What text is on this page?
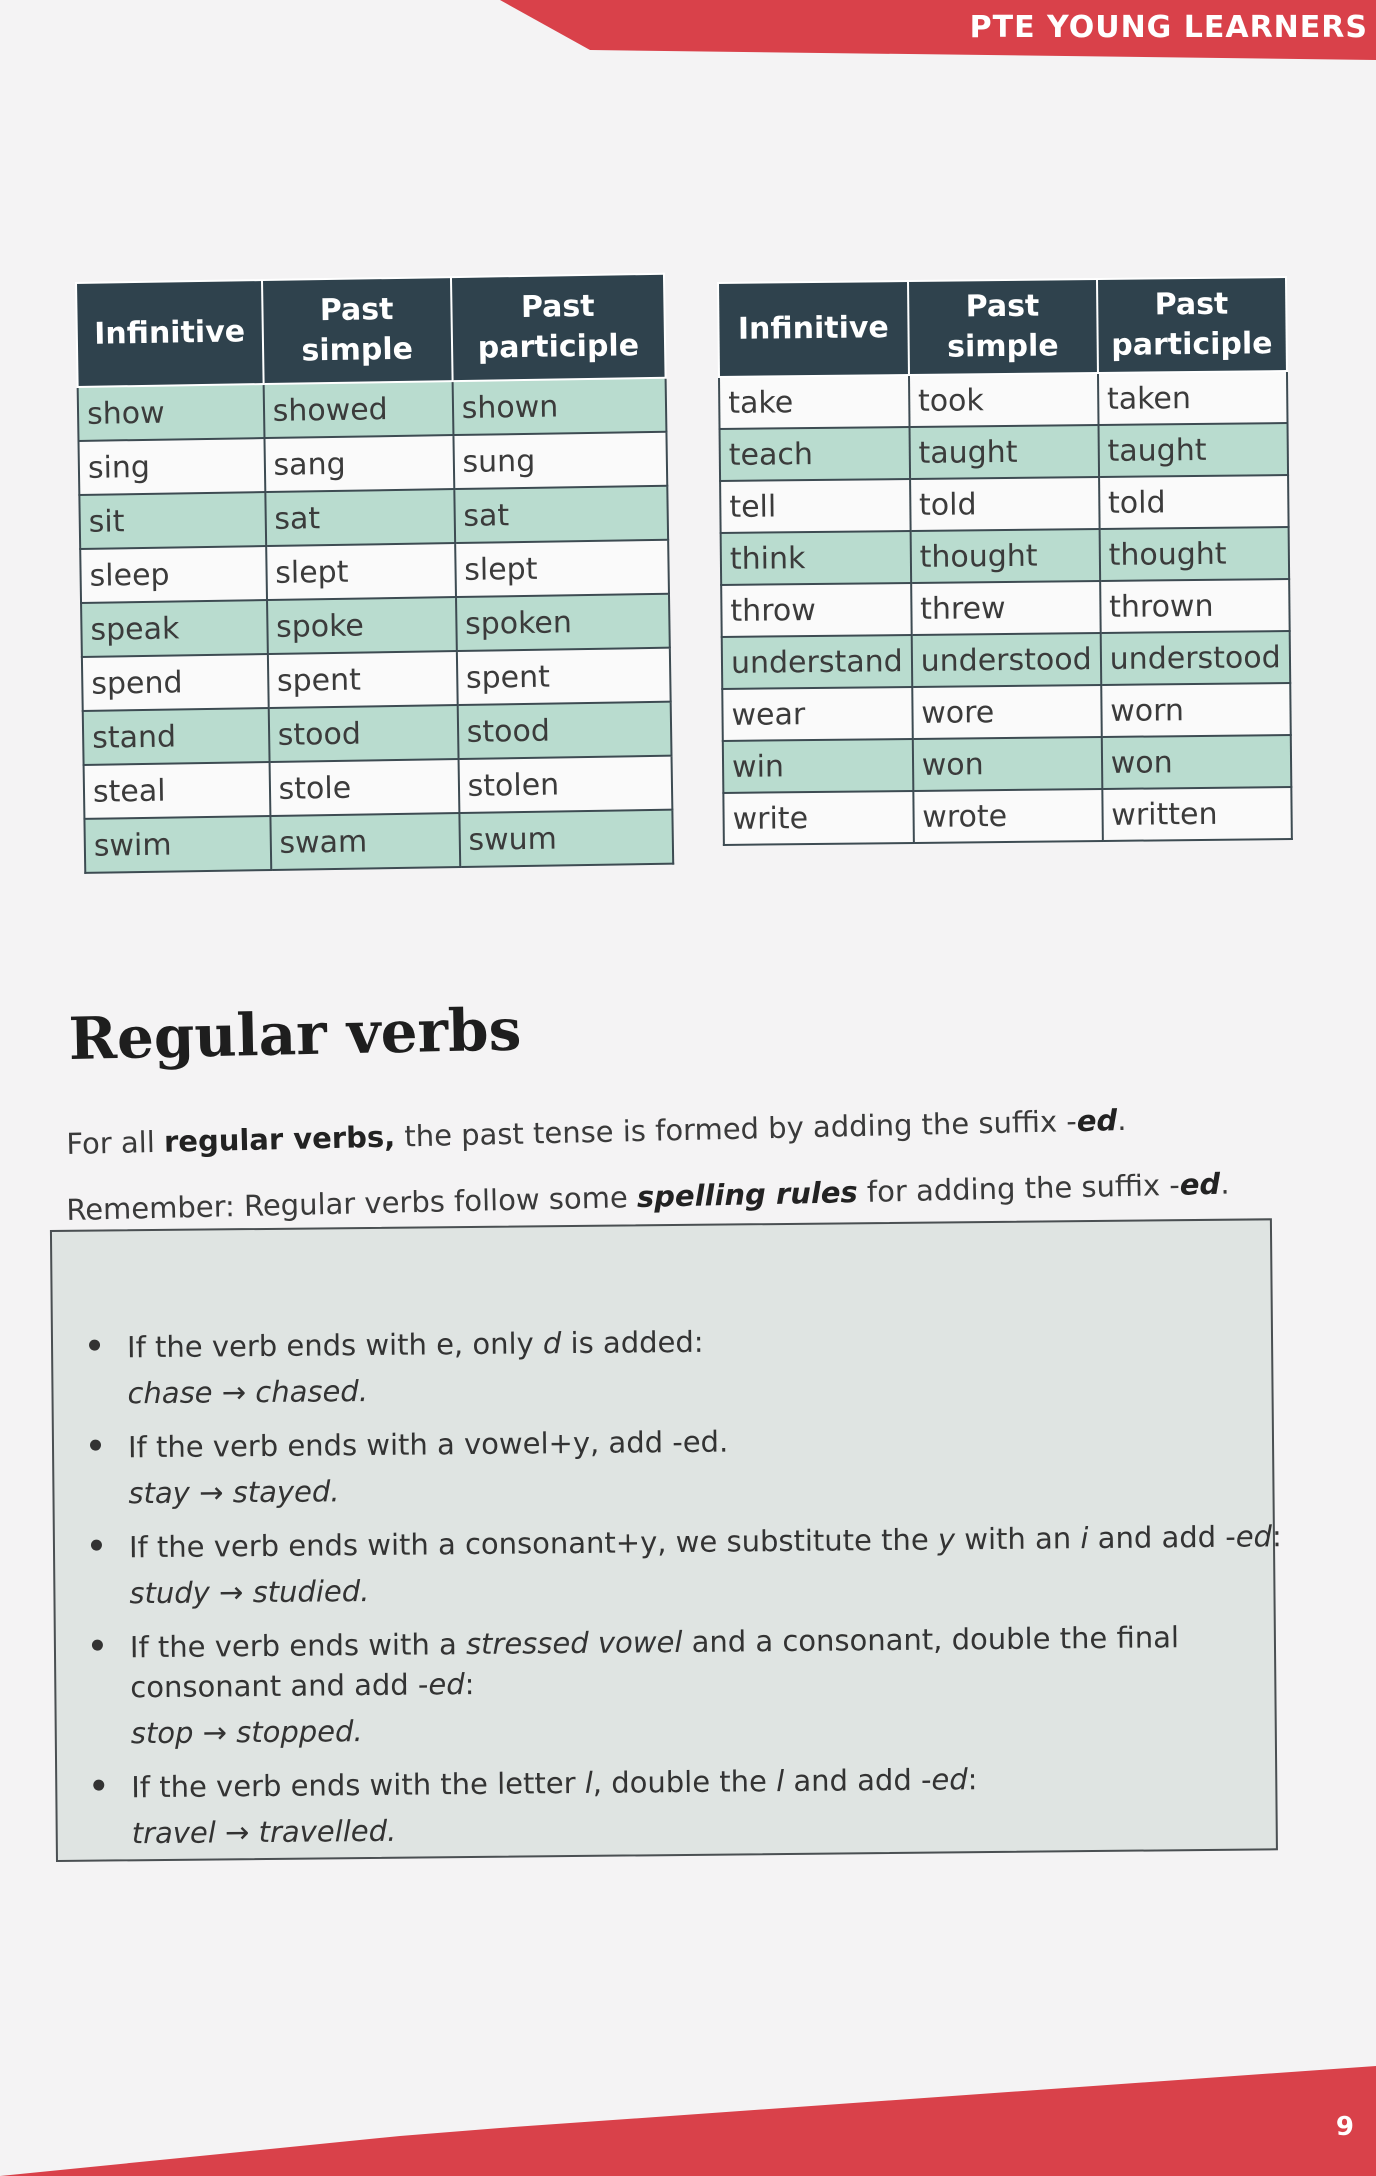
PTE YOUNG LEARNERS
Infinitive	Past simple	Past participle
show	showed	shown
sing	sang	sung
sit	sat	sat
sleep	slept	slept
speak	spoke	spoken
spend	spent	spent
stand	stood	stood
steal	stole	stolen
swim	swam	swum
Infinitive	Past simple	Past participle
take	took	taken
teach	taught	taught
tell	told	told
think	thought	thought
throw	threw	thrown
understand	understood	understood
wear	wore	worn
win	won	won
write	wrote	written
Regular verbs
For all regular verbs, the past tense is formed by adding the suffix -ed.
Remember: Regular verbs follow some spelling rules for adding the suffix -ed.
If the verb ends with e, only d is added:
chase → chased.
If the verb ends with a vowel+y, add -ed.
stay → stayed.
If the verb ends with a consonant+y, we substitute the y with an i and add -ed:
study → studied.
If the verb ends with a stressed vowel and a consonant, double the final
consonant and add -ed:
stop → stopped.
If the verb ends with the letter l, double the l and add -ed:
travel → travelled.
9
